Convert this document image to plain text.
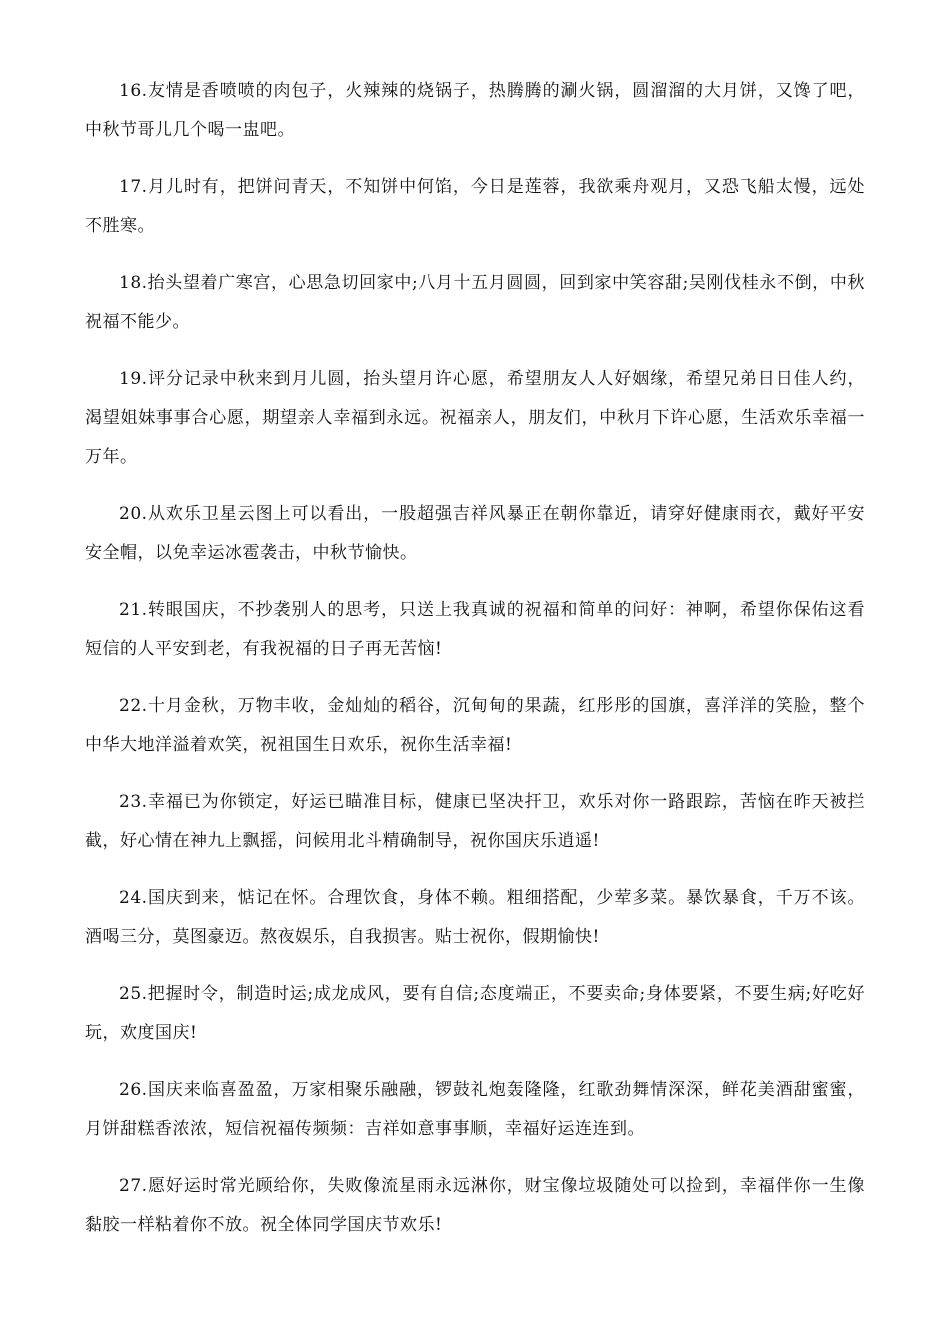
16.友情是香喷喷的肉包子，火辣辣的烧锅子，热腾腾的涮火锅，圆溜溜的大月饼，又馋了吧，中秋节哥儿几个喝一盅吧。

17.月儿时有，把饼问青天，不知饼中何馅，今日是莲蓉，我欲乘舟观月，又恐飞船太慢，远处不胜寒。

18.抬头望着广寒宫，心思急切回家中;八月十五月圆圆，回到家中笑容甜;吴刚伐桂永不倒，中秋祝福不能少。

19.评分记录中秋来到月儿圆，抬头望月许心愿，希望朋友人人好姻缘，希望兄弟日日佳人约，渴望姐妹事事合心愿，期望亲人幸福到永远。祝福亲人，朋友们，中秋月下许心愿，生活欢乐幸福一万年。

20.从欢乐卫星云图上可以看出，一股超强吉祥风暴正在朝你靠近，请穿好健康雨衣，戴好平安安全帽，以免幸运冰雹袭击，中秋节愉快。

21.转眼国庆，不抄袭别人的思考，只送上我真诚的祝福和简单的问好：神啊，希望你保佑这看短信的人平安到老，有我祝福的日子再无苦恼!

22.十月金秋，万物丰收，金灿灿的稻谷，沉甸甸的果蔬，红彤彤的国旗，喜洋洋的笑脸，整个中华大地洋溢着欢笑，祝祖国生日欢乐，祝你生活幸福!

23.幸福已为你锁定，好运已瞄准目标，健康已坚决扞卫，欢乐对你一路跟踪，苦恼在昨天被拦截，好心情在神九上飘摇，问候用北斗精确制导，祝你国庆乐逍遥!

24.国庆到来，惦记在怀。合理饮食，身体不赖。粗细搭配，少荤多菜。暴饮暴食，千万不该。酒喝三分，莫图豪迈。熬夜娱乐，自我损害。贴士祝你，假期愉快!

25.把握时令，制造时运;成龙成风，要有自信;态度端正，不要卖命;身体要紧，不要生病;好吃好玩，欢度国庆!

26.国庆来临喜盈盈，万家相聚乐融融，锣鼓礼炮轰隆隆，红歌劲舞情深深，鲜花美酒甜蜜蜜，月饼甜糕香浓浓，短信祝福传频频：吉祥如意事事顺，幸福好运连连到。

27.愿好运时常光顾给你，失败像流星雨永远淋你，财宝像垃圾随处可以捡到，幸福伴你一生像黏胶一样粘着你不放。祝全体同学国庆节欢乐!
